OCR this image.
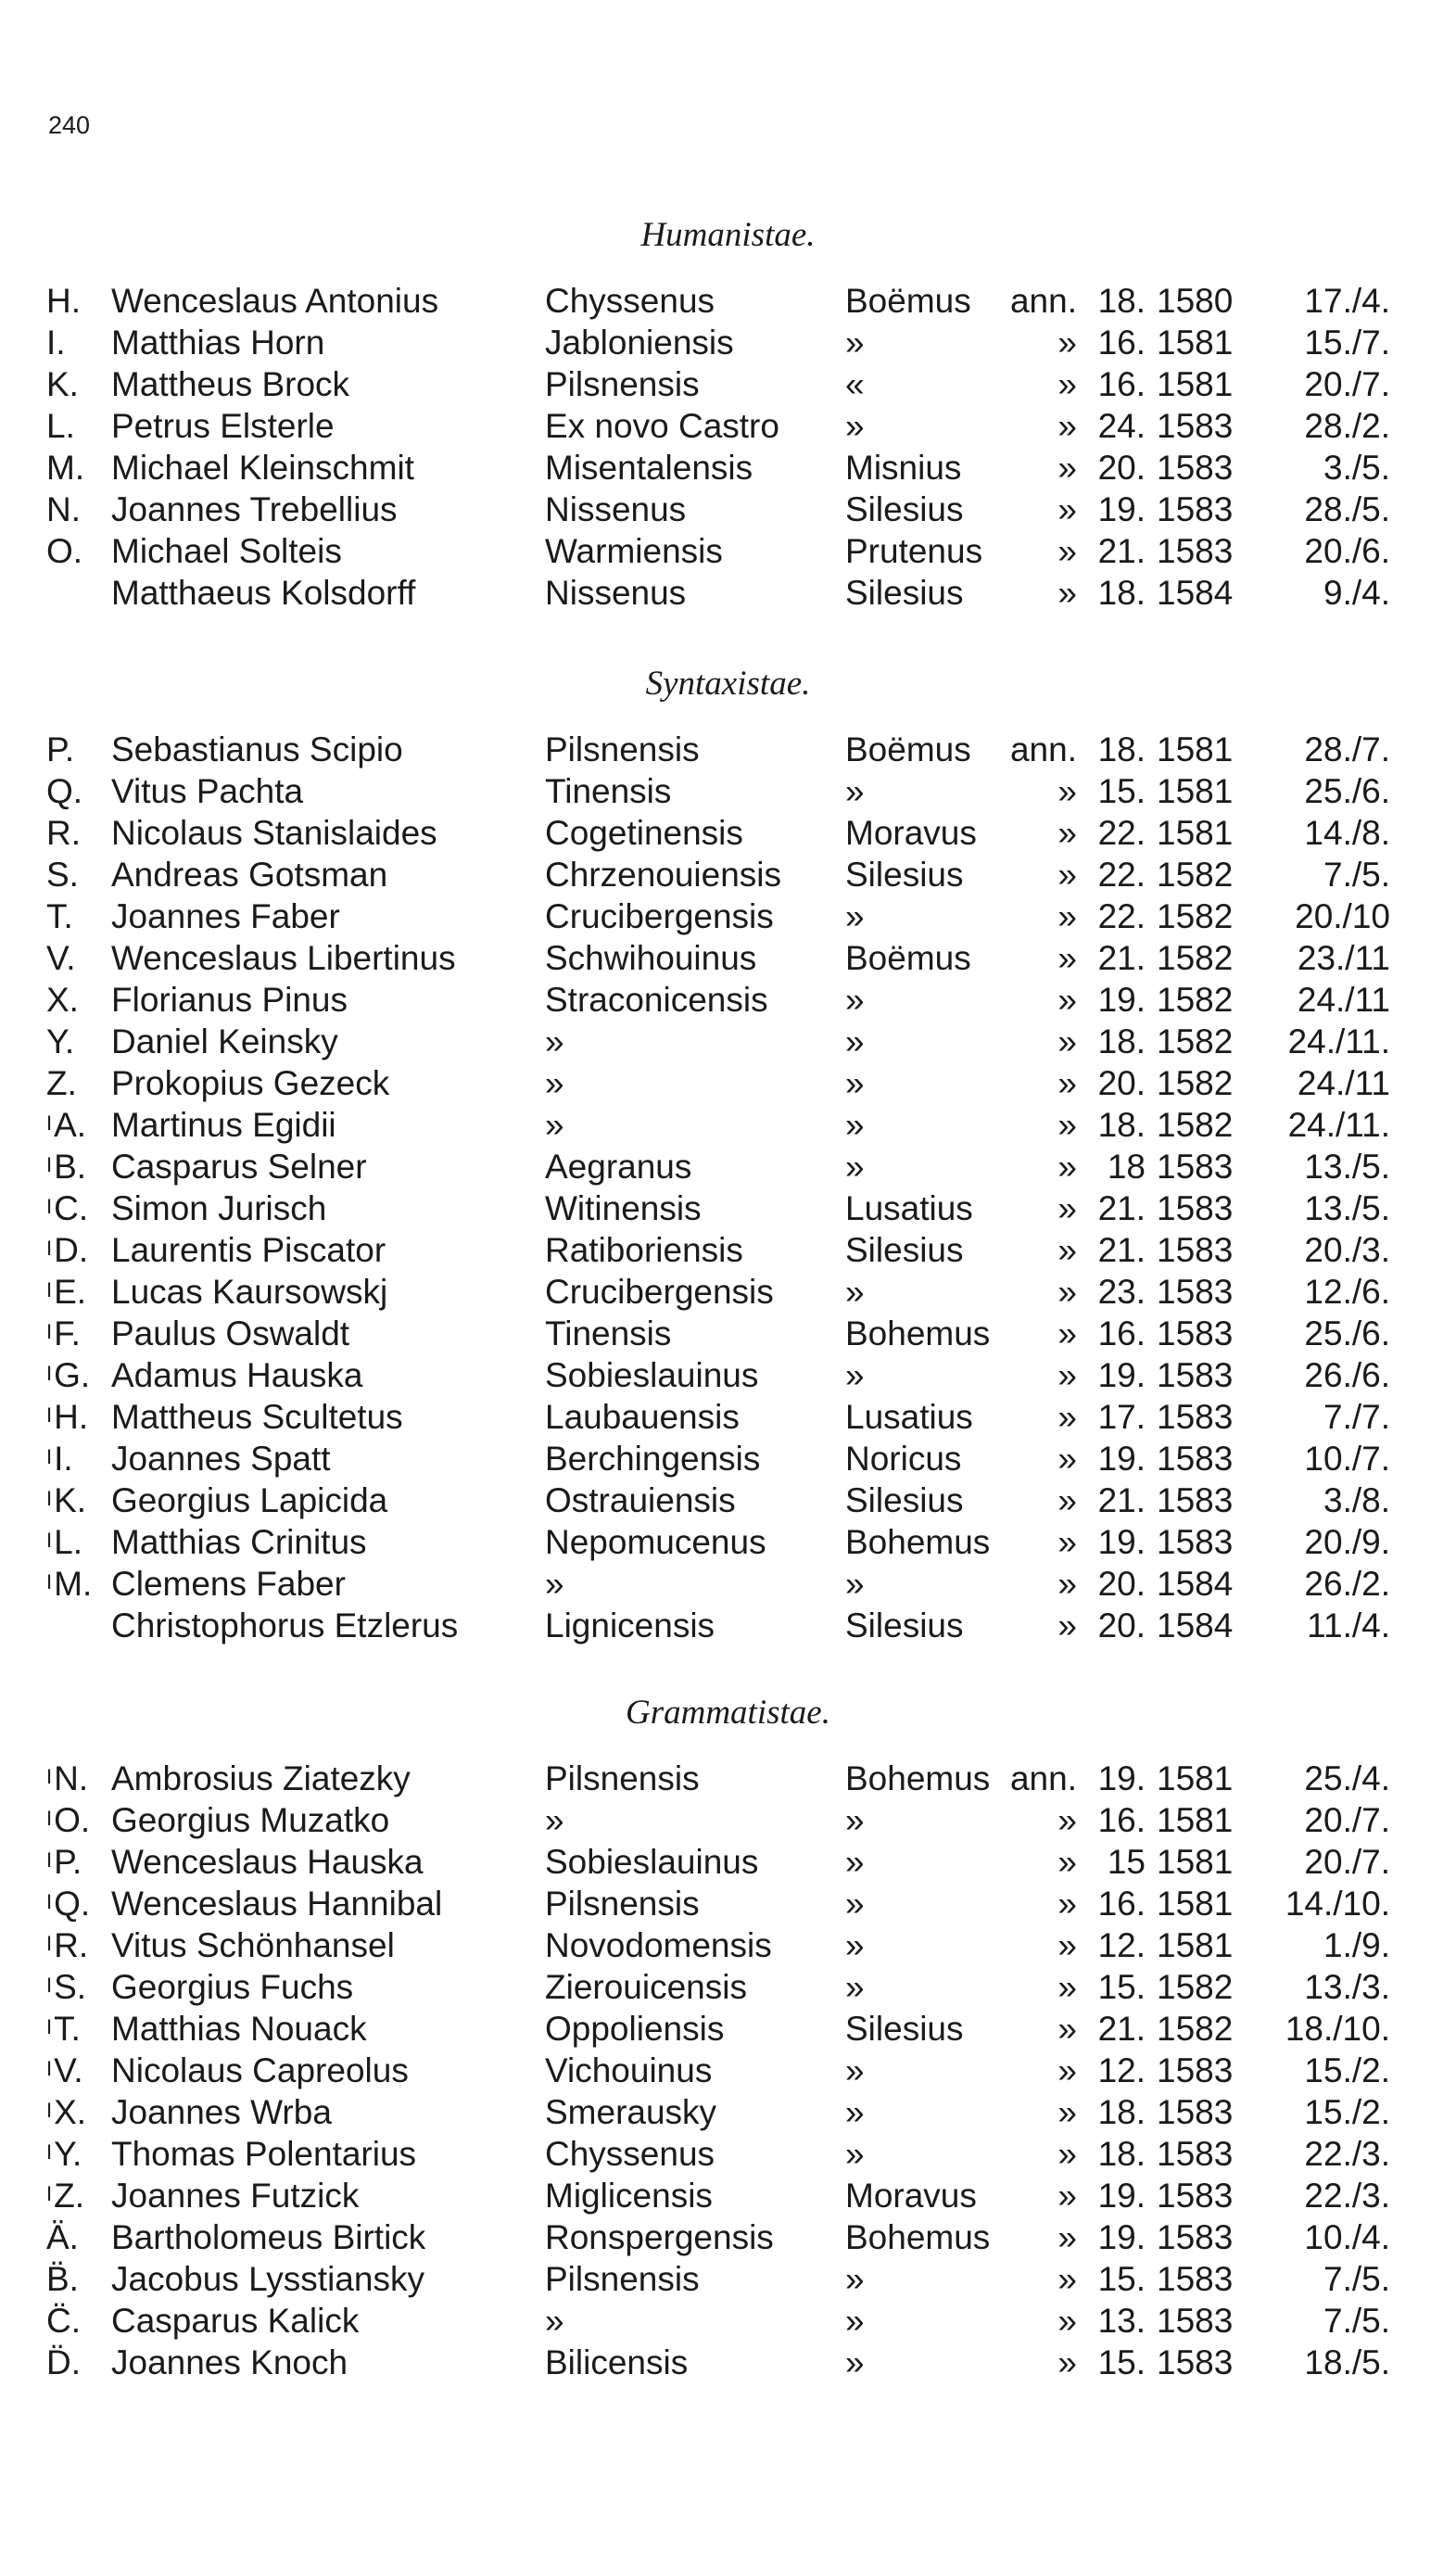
240
Humanistae.
H. Wenceslaus Antonius	Chyssenus	Boëmus ann. 18. 1580	17./4.
I.	Matthias Horn	Jabloniensis	»	» 16. 1581	15./7.
K. Mattheus Brock	Pilsnensis	«	» 16. 1581	20./7.
L.	Petrus Elsterle	Ex novo Castro »	» 24. 1583	28./2.
M. Michael Kleinschmit	Misentalensis	Misnius	» 20. 1583	3./5.
N. Joannes Trebellius	Nissenus	Silesius	» 19. 1583	28./5.
O. Michael Solteis	Warmiensis	Prutenus	» 21. 1583	20./6.
Matthaeus Kolsdorff	Nissenus	Silesius	» 18. 1584	9./4.
Syntaxistae.
P.	Sebastianus Scipio	Pilsnensis	Boëmus ann. 18. 1581	28./7.
Q. Vitus Pachta	Tinensis	»	» 15. 1581	25./6.
R. Nicolaus Stanislaides	Cogetinensis	Moravus	» 22. 1581	14./8.
S. Andreas Gotsman	Chrzenouiensis Silesius	» 22. 1582	7./5.
T.	Joannes Faber	Crucibergensis »	» 22. 1582	20./10
V.	Wenceslaus Libertinus	Schwihouinus	Boëmus	» 21. 1582	23./11
X. Florianus Pinus	Straconicensis »	» 19. 1582	24./11
Y.	Daniel Keinsky	»	»	» 18. 1582	24./11.
Z.	Prokopius Gezeck	»	»	» 20. 1582	24./11
$^I$A. Martinus Egidii	»	»	» 18. 1582	24./11.
$^I$B. Casparus Selner	Aegranus	»	» 18 1583	13./5.
$^I$C. Simon Jurisch	Witinensis	Lusatius	» 21. 1583	13./5.
$^I$D. Laurentis Piscator	Ratiboriensis	Silesius	» 21. 1583	20./3.
$^I$E. Lucas Kaursowskj	Crucibergensis »	» 23. 1583	12./6.
$^I$F. Paulus Oswaldt	Tinensis	Bohemus	» 16. 1583	25./6.
$^I$G. Adamus Hauska	Sobieslauinus	»	» 19. 1583	26./6.
$^I$H. Mattheus Scultetus	Laubauensis	Lusatius	» 17. 1583	7./7.
$^I$I.	Joannes Spatt	Berchingensis Noricus	» 19. 1583	10./7.
$^I$K. Georgius Lapicida	Ostrauiensis	Silesius	» 21. 1583	3./8.
$^I$L. Matthias Crinitus	Nepomucenus Bohemus	» 19. 1583	20./9.
$^I$M. Clemens Faber	»	»	» 20. 1584	26./2.
Christophorus Etzlerus	Lignicensis	Silesius	» 20. 1584	11./4.
Grammatistae.
$^I$N. Ambrosius Ziatezky	Pilsnensis	Bohemus ann. 19. 1581	25./4.
$^I$O. Georgius Muzatko	»	»	» 16. 1581	20./7.
$^I$P. Wenceslaus Hauska	Sobieslauinus	»	» 15 1581	20./7.
$^I$Q. Wenceslaus Hannibal	Pilsnensis	»	» 16. 1581	14./10.
$^I$R. Vitus Schönhansel	Novodomensis »	» 12. 1581	1./9.
$^I$S. Georgius Fuchs	Zierouicensis	»	» 15. 1582	13./3.
$^I$T. Matthias Nouack	Oppoliensis	Silesius	» 21. 1582	18./10.
$^I$V. Nicolaus Capreolus	Vichouinus	»	» 12. 1583	15./2.
$^I$X. Joannes Wrba	Smerausky	»	» 18. 1583	15./2.
$^I$Y. Thomas Polentarius	Chyssenus	»	» 18. 1583	22./3.
$^I$Z. Joannes Futzick	Miglicensis	Moravus	» 19. 1583	22./3.
Ä. Bartholomeus Birtick	Ronspergensis Bohemus	» 19. 1583	10./4.
B̈. Jacobus Lysstiansky	Pilsnensis	»	» 15. 1583	7./5.
C̈. Casparus Kalick	»	»	» 13. 1583	7./5.
D̈. Joannes Knoch	Bilicensis	»	» 15. 1583	18./5.
